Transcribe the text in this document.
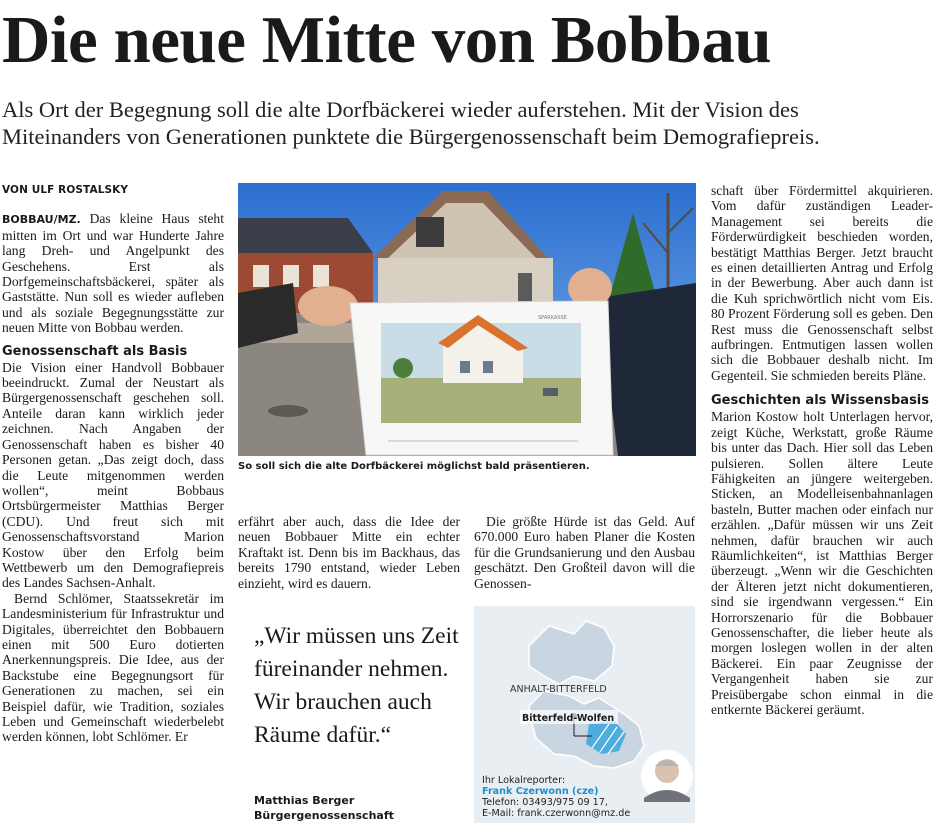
Die neue Mitte von Bobbau
Als Ort der Begegnung soll die alte Dorfbäckerei wieder auferstehen. Mit der Vision des
Miteinanders von Generationen punktete die Bürgergenossenschaft beim Demografiepreis.
VON ULF ROSTALSKY

BOBBAU/MZ. Das kleine Haus steht mitten im Ort und war Hunderte Jahre lang Dreh- und Angelpunkt des Geschehens. Erst als Dorfgemeinschaftsbäckerei, später als Gaststätte. Nun soll es wieder aufleben und als soziale Begegnungsstätte zur neuen Mitte von Bobbau werden.

Genossenschaft als Basis

Die Vision einer Handvoll Bobbauer beeindruckt. Zumal der Neustart als Bürgergenossenschaft geschehen soll. Anteile daran kann wirklich jeder zeichnen. Nach Angaben der Genossenschaft haben es bisher 40 Personen getan. „Das zeigt doch, dass die Leute mitgenommen werden wollen“, meint Bobbaus Ortsbürgermeister Matthias Berger (CDU). Und freut sich mit Genossenschaftsvorstand Marion Kostow über den Erfolg beim Wettbewerb um den Demografiepreis des Landes Sachsen-Anhalt.

Bernd Schlömer, Staatssekretär im Landesministerium für Infrastruktur und Digitales, überreichtet den Bobbauern einen mit 500 Euro dotierten Anerkennungspreis. Die Idee, aus der Backstube eine Begegnungsort für Generationen zu machen, sei ein Beispiel dafür, wie Tradition, soziales Leben und Gemeinschaft wiederbelebt werden können, lobt Schlömer. Er

SPARKASSE
So soll sich die alte Dorfbäckerei möglichst bald präsentieren.

erfährt aber auch, dass die Idee der neuen Bobbauer Mitte ein echter Kraftakt ist. Denn bis im Backhaus, das bereits 1790 entstand, wieder Leben einzieht, wird es dauern.

Die größte Hürde ist das Geld. Auf 670.000 Euro haben Planer die Kosten für die Grundsanierung und den Ausbau geschätzt. Den Großteil davon will die Genossen-

„Wir müssen uns Zeit füreinander nehmen. Wir brauchen auch Räume dafür.“
Matthias Berger
Bürgergenossenschaft
ANHALT-BITTERFELD
Bitterfeld-Wolfen
Ihr Lokalreporter:
Frank Czerwonn (cze)
Telefon: 03493/975 09 17,
E-Mail: frank.czerwonn@mz.de

schaft über Fördermittel akquirieren. Vom dafür zuständigen Leader-Management sei bereits die Förderwürdigkeit beschieden worden, bestätigt Matthias Berger. Jetzt braucht es einen detaillierten Antrag und Erfolg in der Bewerbung. Aber auch dann ist die Kuh sprichwörtlich nicht vom Eis. 80 Prozent Förderung soll es geben. Den Rest muss die Genossenschaft selbst aufbringen. Entmutigen lassen wollen sich die Bobbauer deshalb nicht. Im Gegenteil. Sie schmieden bereits Pläne.

Geschichten als Wissensbasis

Marion Kostow holt Unterlagen hervor, zeigt Küche, Werkstatt, große Räume bis unter das Dach. Hier soll das Leben pulsieren. Sollen ältere Leute Fähigkeiten an jüngere weitergeben. Sticken, an Modelleisenbahnanlagen basteln, Butter machen oder einfach nur erzählen. „Dafür müssen wir uns Zeit nehmen, dafür brauchen wir auch Räumlichkeiten“, ist Matthias Berger überzeugt. „Wenn wir die Geschichten der Älteren jetzt nicht dokumentieren, sind sie irgendwann vergessen.“ Ein Horrorszenario für die Bobbauer Genossenschafter, die lieber heute als morgen loslegen wollen in der alten Bäckerei. Ein paar Zeugnisse der Vergangenheit haben sie zur Preisübergabe schon einmal in die entkernte Bäckerei geräumt.
